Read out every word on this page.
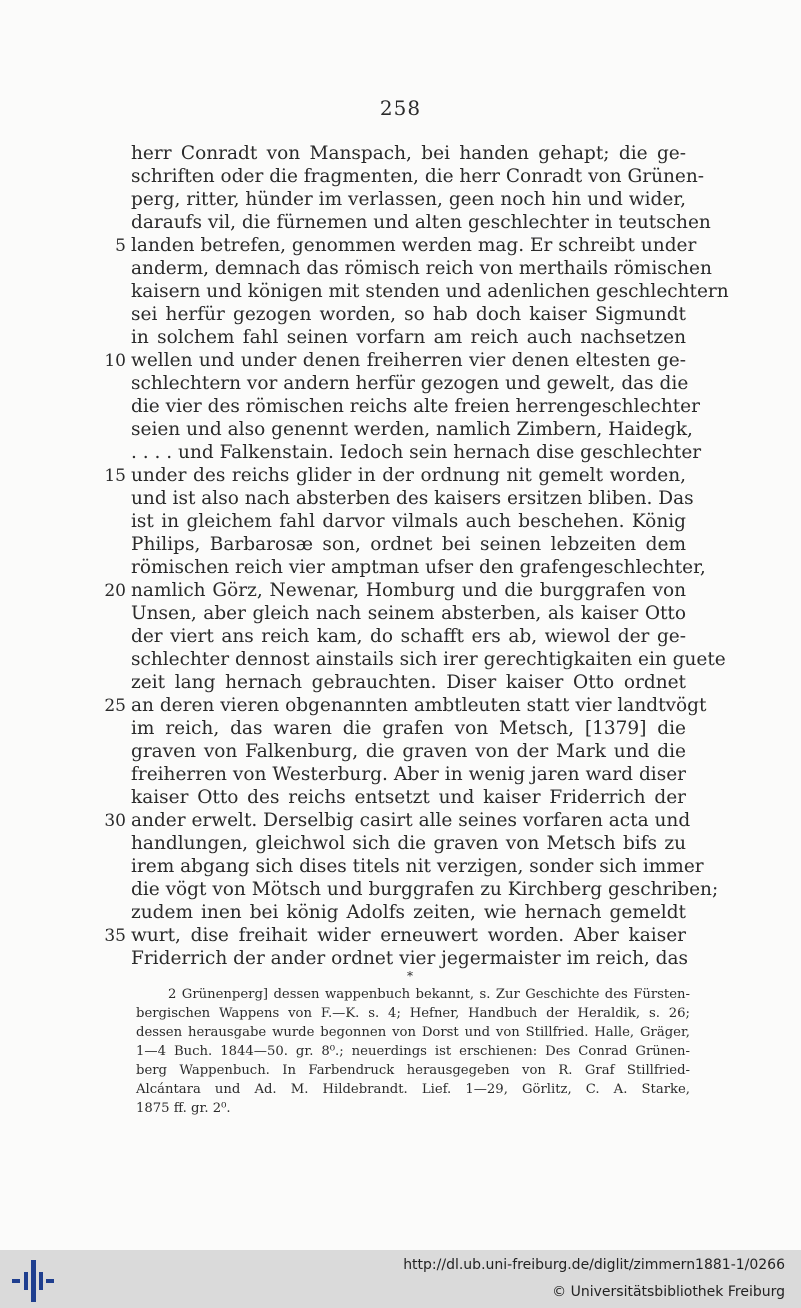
258
herr Conradt von Manspach, bei handen gehapt; die ge-
schriften oder die fragmenten, die herr Conradt von Grünen-
perg, ritter, hünder im verlassen, geen noch hin und wider,
daraufs vil, die fürnemen und alten geschlechter in teutschen
landen betrefen, genommen werden mag. Er schreibt under
5
anderm, demnach das römisch reich von merthails römischen
kaisern und königen mit stenden und adenlichen geschlechtern
sei herfür gezogen worden, so hab doch kaiser Sigmundt
in solchem fahl seinen vorfarn am reich auch nachsetzen
wellen und under denen freiherren vier denen eltesten ge-
10
schlechtern vor andern herfür gezogen und gewelt, das die
die vier des römischen reichs alte freien herrengeschlechter
seien und also genennt werden, namlich Zimbern, Haidegk,
. . . . und Falkenstain. Iedoch sein hernach dise geschlechter
under des reichs glider in der ordnung nit gemelt worden,
15
und ist also nach absterben des kaisers ersitzen bliben. Das
ist in gleichem fahl darvor vilmals auch beschehen. König
Philips, Barbarosæ son, ordnet bei seinen lebzeiten dem
römischen reich vier amptman ufser den grafengeschlechter,
namlich Görz, Newenar, Homburg und die burggrafen von
20
Unsen, aber gleich nach seinem absterben, als kaiser Otto
der viert ans reich kam, do schafft ers ab, wiewol der ge-
schlechter dennost ainstails sich irer gerechtigkaiten ein guete
zeit lang hernach gebrauchten. Diser kaiser Otto ordnet
an deren vieren obgenannten ambtleuten statt vier landtvögt
25
im reich, das waren die grafen von Metsch, [1379] die
graven von Falkenburg, die graven von der Mark und die
freiherren von Westerburg. Aber in wenig jaren ward diser
kaiser Otto des reichs entsetzt und kaiser Friderrich der
ander erwelt. Derselbig casirt alle seines vorfaren acta und
30
handlungen, gleichwol sich die graven von Metsch bifs zu
irem abgang sich dises titels nit verzigen, sonder sich immer
die vögt von Mötsch und burggrafen zu Kirchberg geschriben;
zudem inen bei könig Adolfs zeiten, wie hernach gemeldt
wurt, dise freihait wider erneuwert worden. Aber kaiser
35
Friderrich der ander ordnet vier jegermaister im reich, das
*
2 Grünenperg] dessen wappenbuch bekannt, s. Zur Geschichte des Fürsten-
bergischen Wappens von F.—K. s. 4; Hefner, Handbuch der Heraldik, s. 26;
dessen herausgabe wurde begonnen von Dorst und von Stillfried. Halle, Gräger,
1—4 Buch. 1844—50. gr. 8⁰.; neuerdings ist erschienen: Des Conrad Grünen-
berg Wappenbuch. In Farbendruck herausgegeben von R. Graf Stillfried-
Alcántara und Ad. M. Hildebrandt. Lief. 1—29, Görlitz, C. A. Starke,
1875 ff. gr. 2⁰.
http://dl.ub.uni-freiburg.de/diglit/zimmern1881-1/0266
© Universitätsbibliothek Freiburg
